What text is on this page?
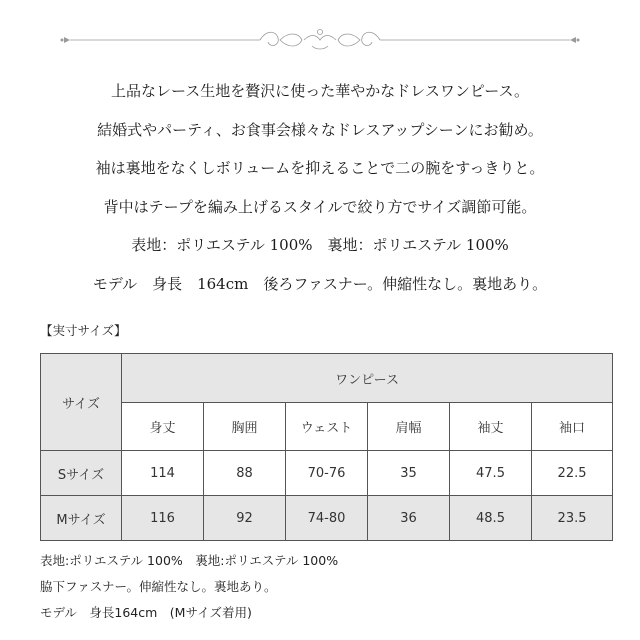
上品なレース生地を贅沢に使った華やかなドレスワンピース。
結婚式やパーティ、お食事会様々なドレスアップシーンにお勧め。
袖は裏地をなくしボリュームを抑えることで二の腕をすっきりと。
背中はテープを編み上げるスタイルで絞り方でサイズ調節可能。
表地：ポリエステル 100%　裏地：ポリエステル 100%
モデル　身長　164cm　後ろファスナー。伸縮性なし。裏地あり。
【実寸サイズ】
サイズ	ワンピース					
	身丈	胸囲	ウェスト	肩幅	袖丈	袖口
Sサイズ	114	88	70-76	35	47.5	22.5
Mサイズ	116	92	74-80	36	48.5	23.5
表地:ポリエステル 100%　裏地:ポリエステル 100%
脇下ファスナー。伸縮性なし。裏地あり。
モデル　身長164cm　(Mサイズ着用)
